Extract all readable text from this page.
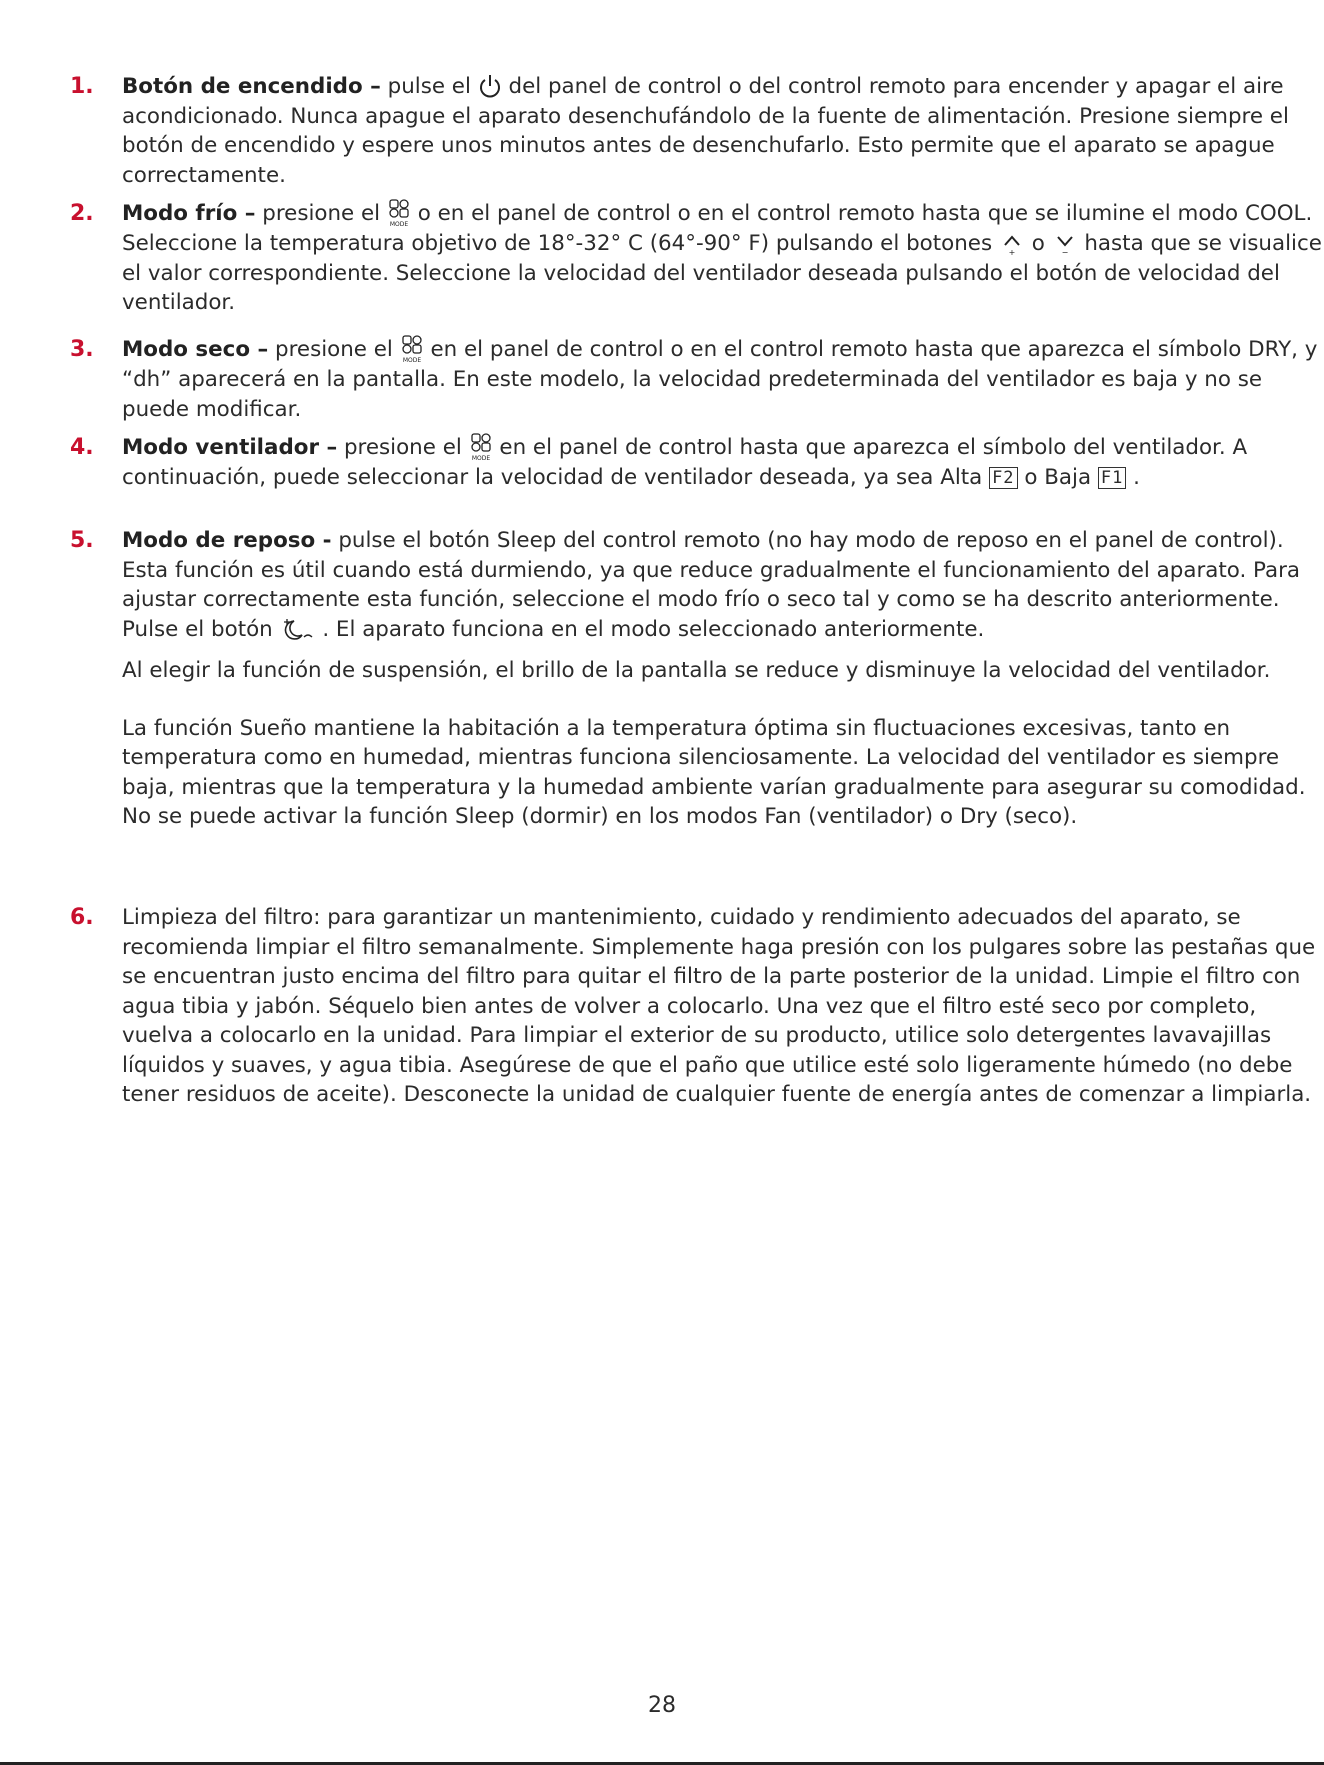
1.	Botón de encendido – pulse el
del panel de control o del control remoto para encender y apagar el aire acondicionado. Nunca apague el aparato desenchufándolo de la fuente de alimentación. Presione siempre el botón de encendido y espere unos minutos antes de desenchufarlo. Esto permite que el aparato se apague correctamente.

2.	Modo frío – presione el MODE o en el panel de control o en el control remoto hasta que se ilumine el modo COOL. Seleccione la temperatura objetivo de 18°-32° C (64°-90° F) pulsando el botones + o − hasta que se visualice el valor correspondiente. Seleccione la velocidad del ventilador deseada pulsando el botón de velocidad del ventilador.

3.	Modo seco – presione el MODE en el panel de control o en el control remoto hasta que aparezca el símbolo DRY, y “dh” aparecerá en la pantalla. En este modelo, la velocidad predeterminada del ventilador es baja y no se puede modificar.

4.	Modo ventilador – presione el MODE en el panel de control hasta que aparezca el símbolo del ventilador. A continuación, puede seleccionar la velocidad de ventilador deseada, ya sea Alta F2 o Baja F1 .

5.	Modo de reposo - pulse el botón Sleep del control remoto (no hay modo de reposo en el panel de control). Esta función es útil cuando está durmiendo, ya que reduce gradualmente el funcionamiento del aparato. Para ajustar correctamente esta función, seleccione el modo frío o seco tal y como se ha descrito anteriormente. Pulse el botón
. El aparato funciona en el modo seleccionado anteriormente.

Al elegir la función de suspensión, el brillo de la pantalla se reduce y disminuye la velocidad del ventilador.

La función Sueño mantiene la habitación a la temperatura óptima sin fluctuaciones excesivas, tanto en temperatura como en humedad, mientras funciona silenciosamente. La velocidad del ventilador es siempre baja, mientras que la temperatura y la humedad ambiente varían gradualmente para asegurar su comodidad. No se puede activar la función Sleep (dormir) en los modos Fan (ventilador) o Dry (seco).

6.	Limpieza del filtro: para garantizar un mantenimiento, cuidado y rendimiento adecuados del aparato, se recomienda limpiar el filtro semanalmente. Simplemente haga presión con los pulgares sobre las pestañas que se encuentran justo encima del filtro para quitar el filtro de la parte posterior de la unidad. Limpie el filtro con agua tibia y jabón. Séquelo bien antes de volver a colocarlo. Una vez que el filtro esté seco por completo, vuelva a colocarlo en la unidad. Para limpiar el exterior de su producto, utilice solo detergentes lavavajillas líquidos y suaves, y agua tibia. Asegúrese de que el paño que utilice esté solo ligeramente húmedo (no debe tener residuos de aceite). Desconecte la unidad de cualquier fuente de energía antes de comenzar a limpiarla.

28
